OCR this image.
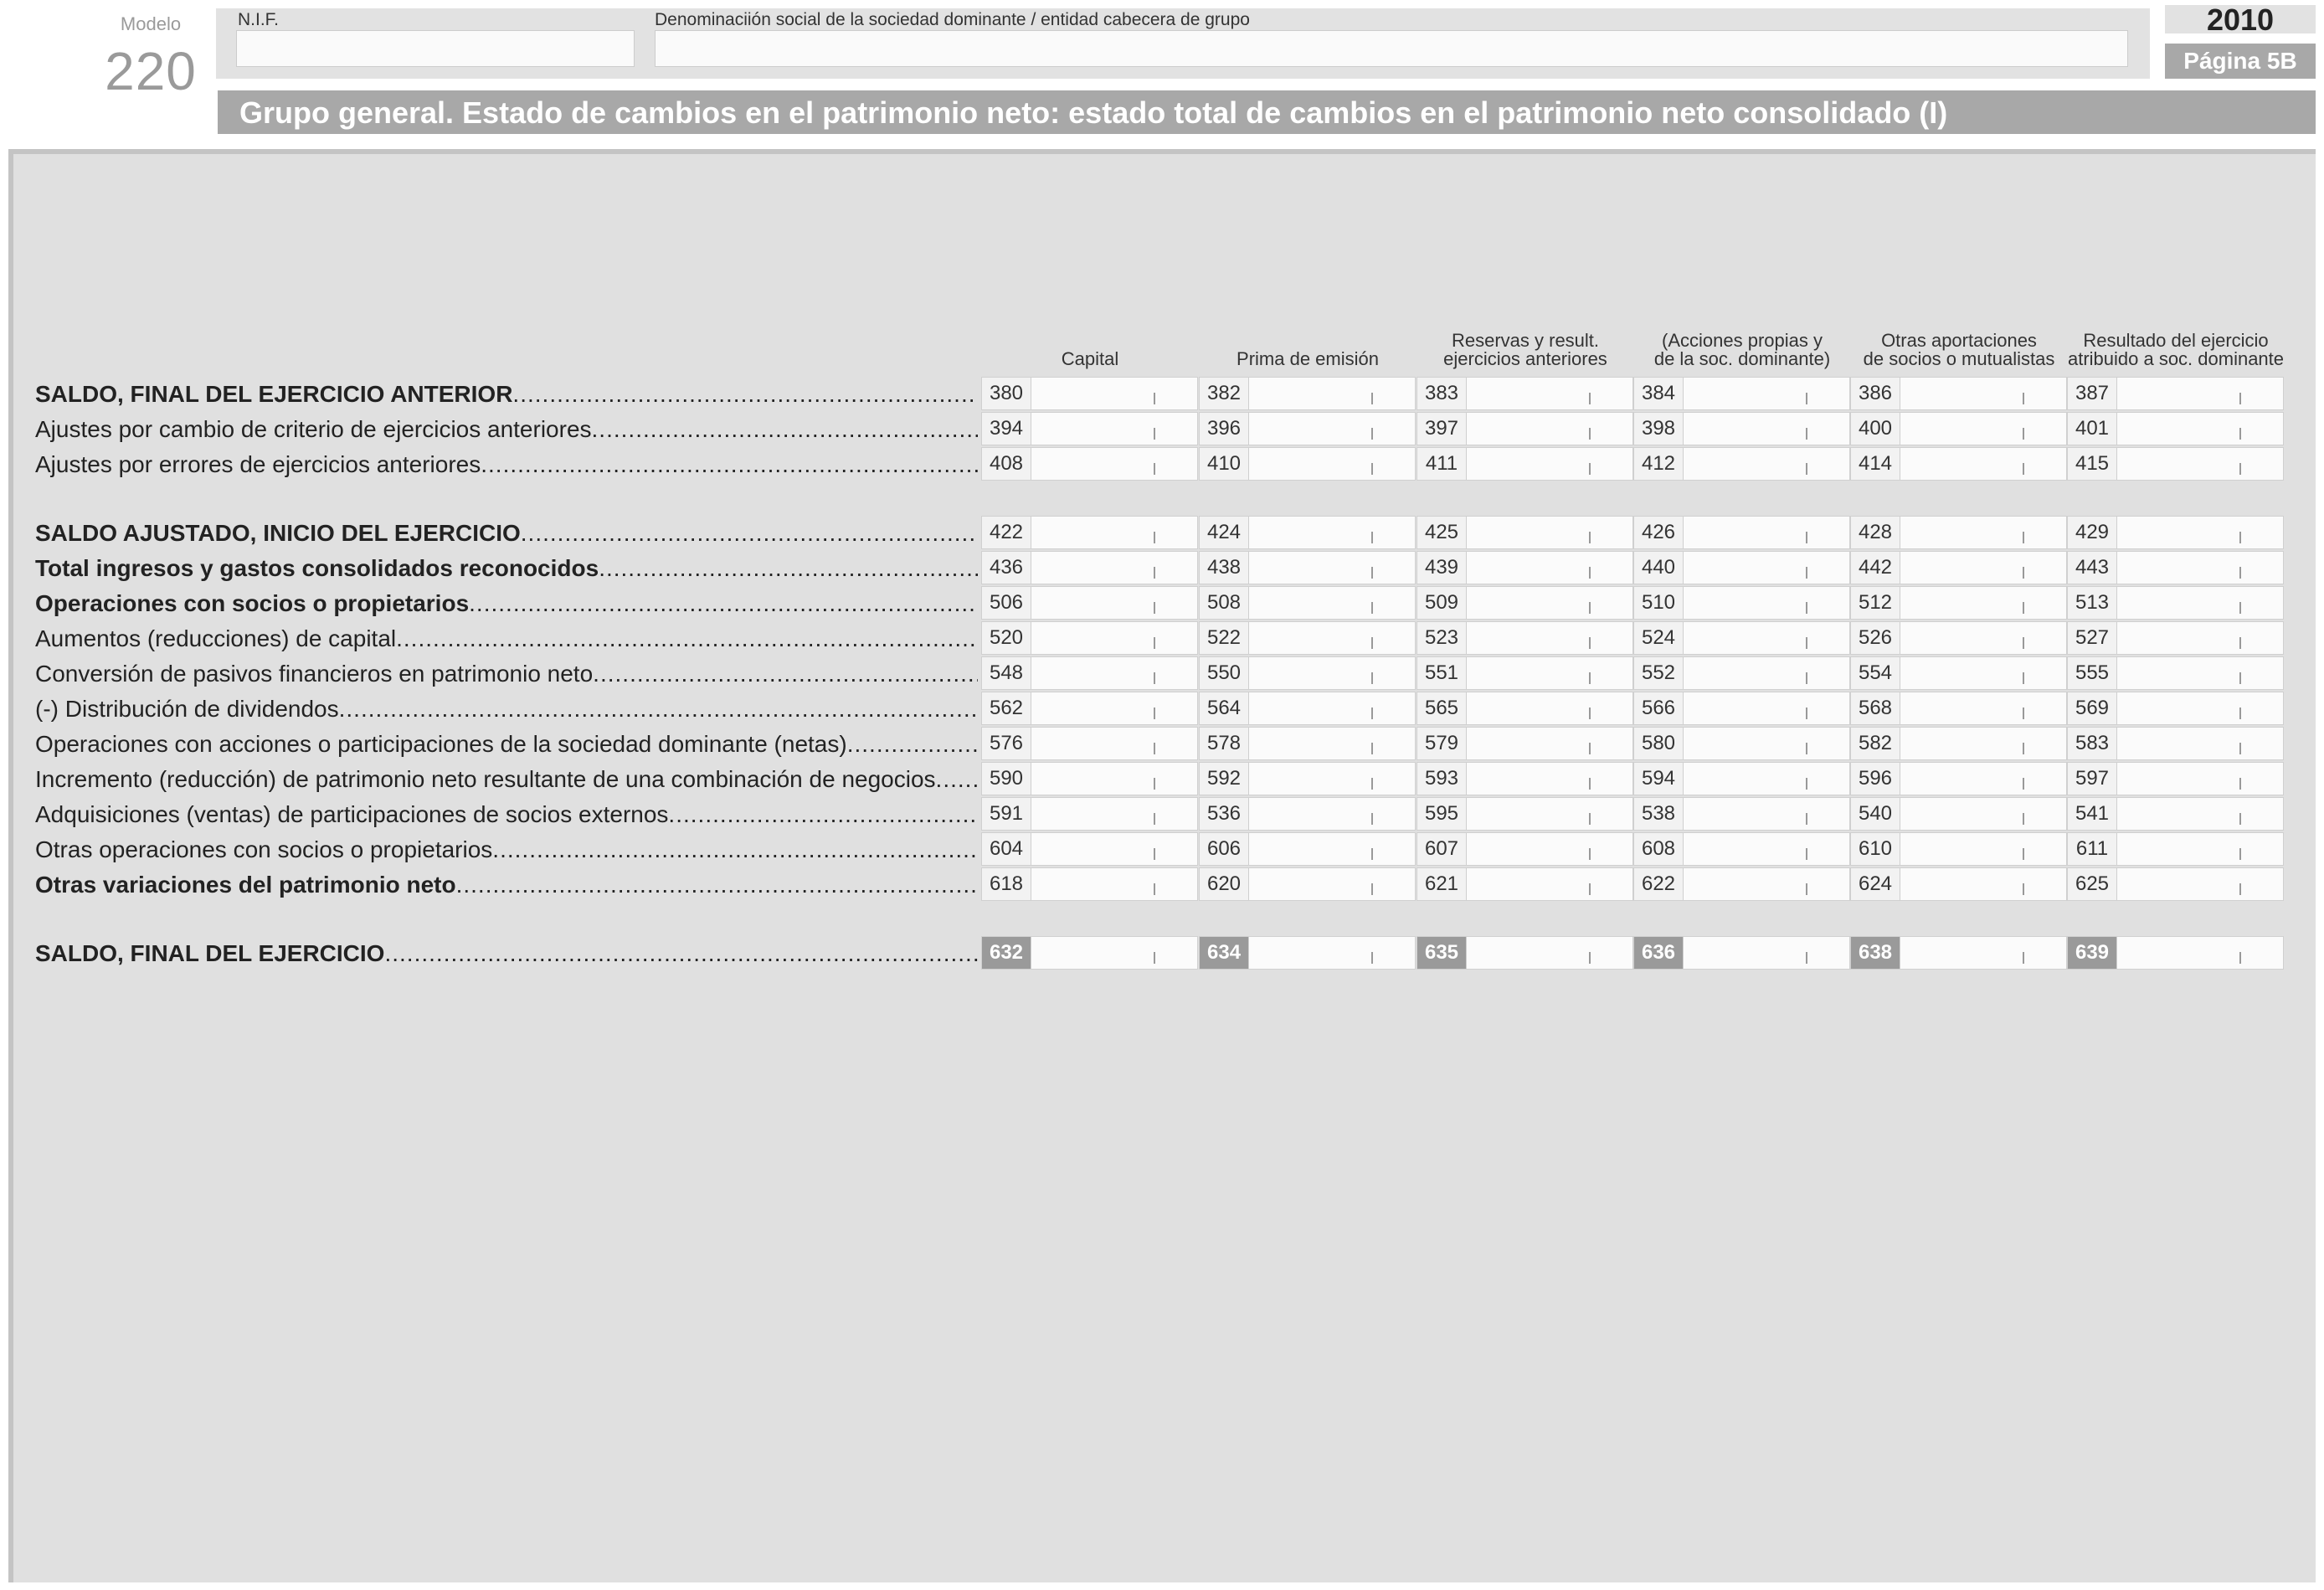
Modelo
220
N.I.F.	Denominaciión social de la sociedad dominante / entidad cabecera de grupo	2010
Página 5B
Grupo general. Estado de cambios en el patrimonio neto: estado total de cambios en el patrimonio neto consolidado (I)
Capital	Prima de emisión
Reservas y result.
ejercicios anteriores
(Acciones propias y
de la soc. dominante)
Otras aportaciones
de socios o mutualistas
Resultado del ejercicio
atribuido a soc. dominante
SALDO, FINAL DEL EJERCICIO ANTERIOR .....	380	382	383	384	386	387
Ajustes por cambio de criterio de ejercicios anteriores .....	394	396	397	398	400	401
Ajustes por errores de ejercicios anteriores .....	408	410	411	412	414	415
SALDO AJUSTADO, INICIO DEL EJERCICIO .....	422	424	425	426	428	429
Total ingresos y gastos consolidados reconocidos .....	436	438	439	440	442	443
Operaciones con socios o propietarios .....	506	508	509	510	512	513
Aumentos (reducciones) de capital .....	520	522	523	524	526	527
Conversión de pasivos financieros en patrimonio neto .....	548	550	551	552	554	555
(-) Distribución de dividendos .....	562	564	565	566	568	569
Operaciones con acciones o participaciones de la sociedad dominante (netas) .....	576	578	579	580	582	583
Incremento (reducción) de patrimonio neto resultante de una combinación de negocios .....	590	592	593	594	596	597
Adquisiciones (ventas) de participaciones de socios externos .....	591	536	595	538	540	541
Otras operaciones con socios o propietarios .....	604	606	607	608	610	611
Otras variaciones del patrimonio neto .....	618	620	621	622	624	625
SALDO, FINAL DEL EJERCICIO .....	632	634	635	636	638	639
